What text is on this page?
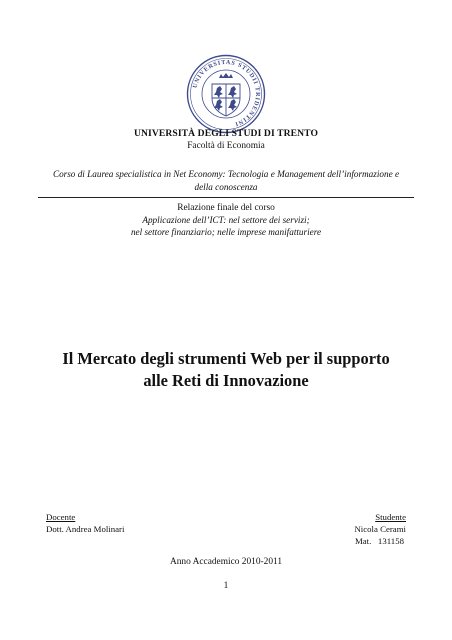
UNIVERSITAS STUDII TRIDENTINI
UNIVERSITÀ DEGLI STUDI DI TRENTO
Facoltà di Economia
Corso di Laurea specialistica in Net Economy: Tecnologia e Management dell’informazione e della conoscenza
Relazione finale del corso
Applicazione dell’ICT: nel settore dei servizi;
nel settore finanziario; nelle imprese manifatturiere
Il Mercato degli strumenti Web per il supporto
alle Reti di Innovazione
Docente
Dott. Andrea Molinari
Studente
Nicola Cerami
Mat.   131158
Anno Accademico 2010-2011
1
